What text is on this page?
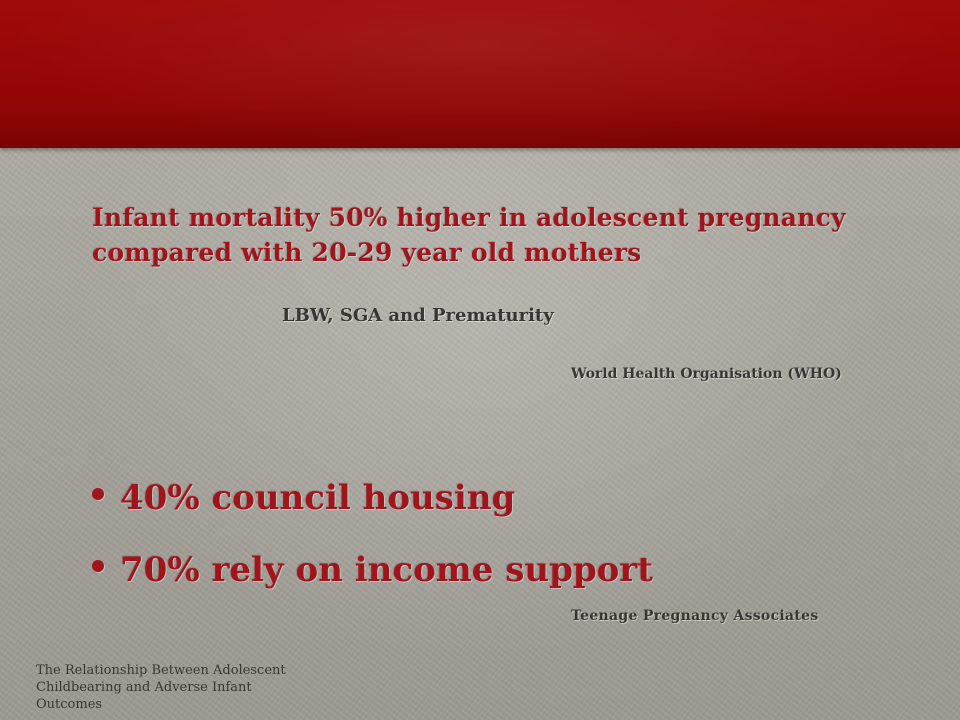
Infant mortality 50% higher in adolescent pregnancy compared with 20-29 year old mothers
LBW, SGA and Prematurity
World Health Organisation (WHO)
40% council housing
70% rely on income support
Teenage Pregnancy Associates
The Relationship Between Adolescent Childbearing and Adverse Infant Outcomes
